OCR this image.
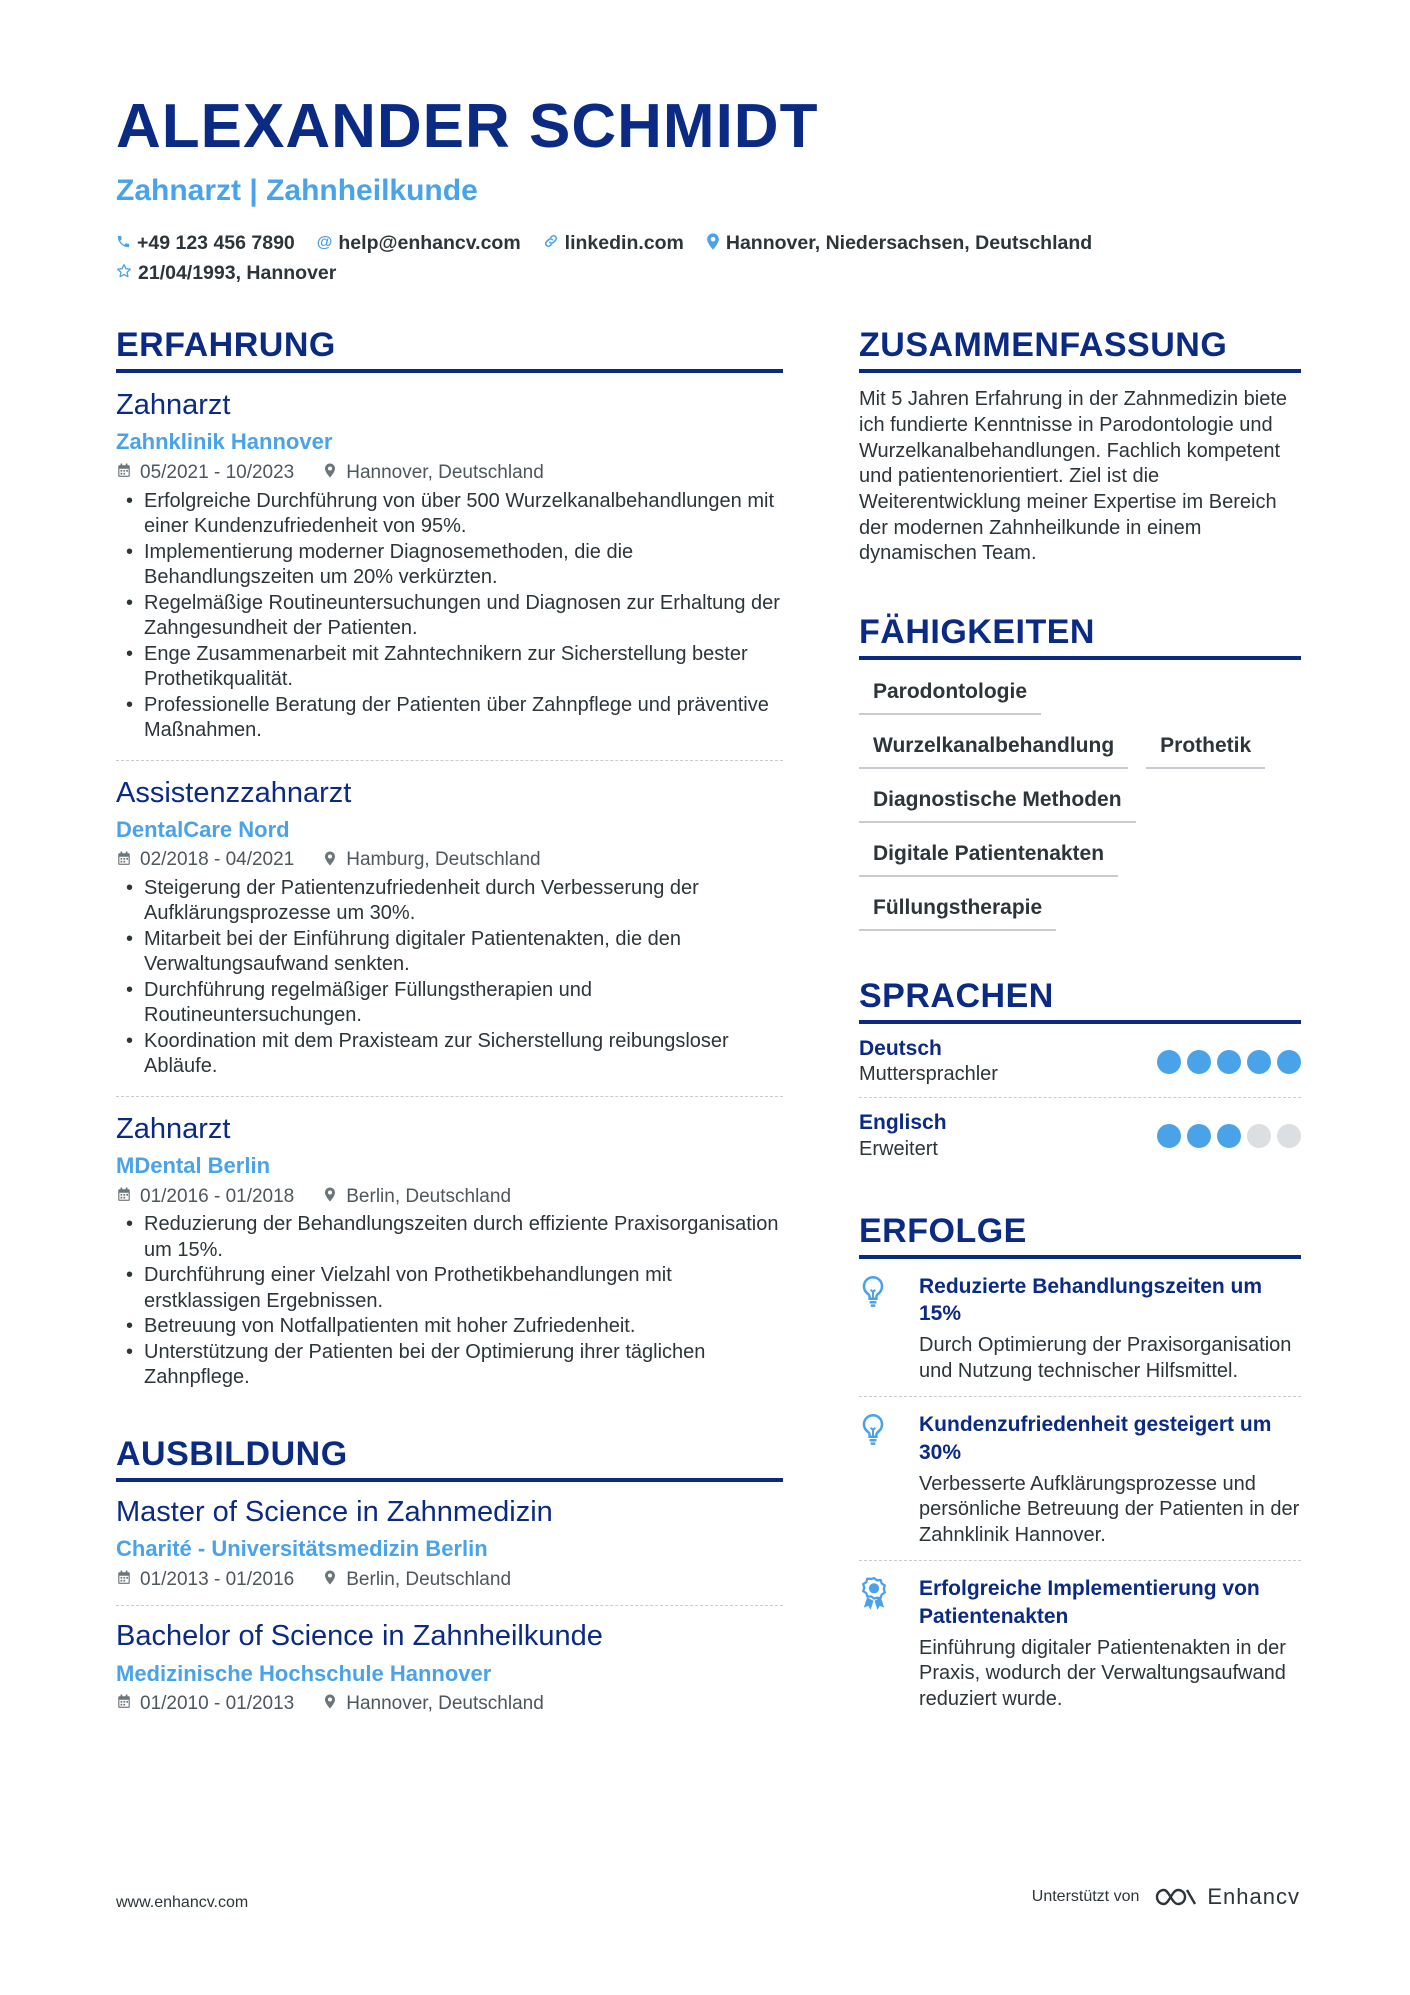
ALEXANDER SCHMIDT
Zahnarzt | Zahnheilkunde
+49 123 456 7890 @ help@enhancv.com linkedin.com Hannover, Niedersachsen, Deutschland
21/04/1993, Hannover
ERFAHRUNG
Zahnarzt
Zahnklinik Hannover
05/2021 - 10/2023	Hannover, Deutschland
• Erfolgreiche Durchführung von über 500 Wurzelkanalbehandlungen mit einer Kundenzufriedenheit von 95%.
• Implementierung moderner Diagnosemethoden, die die Behandlungszeiten um 20% verkürzten.
• Regelmäßige Routineuntersuchungen und Diagnosen zur Erhaltung der Zahngesundheit der Patienten.
• Enge Zusammenarbeit mit Zahntechnikern zur Sicherstellung bester Prothetikqualität.
• Professionelle Beratung der Patienten über Zahnpflege und präventive Maßnahmen.
Assistenzzahnarzt
DentalCare Nord
02/2018 - 04/2021	Hamburg, Deutschland
• Steigerung der Patientenzufriedenheit durch Verbesserung der Aufklärungsprozesse um 30%.
• Mitarbeit bei der Einführung digitaler Patientenakten, die den Verwaltungsaufwand senkten.
• Durchführung regelmäßiger Füllungstherapien und Routineuntersuchungen.
• Koordination mit dem Praxisteam zur Sicherstellung reibungsloser Abläufe.
Zahnarzt
MDental Berlin
01/2016 - 01/2018	Berlin, Deutschland
• Reduzierung der Behandlungszeiten durch effiziente Praxisorganisation um 15%.
• Durchführung einer Vielzahl von Prothetikbehandlungen mit erstklassigen Ergebnissen.
• Betreuung von Notfallpatienten mit hoher Zufriedenheit.
• Unterstützung der Patienten bei der Optimierung ihrer täglichen Zahnpflege.
AUSBILDUNG
Master of Science in Zahnmedizin
Charité - Universitätsmedizin Berlin
01/2013 - 01/2016	Berlin, Deutschland
Bachelor of Science in Zahnheilkunde
Medizinische Hochschule Hannover
01/2010 - 01/2013	Hannover, Deutschland
ZUSAMMENFASSUNG
Mit 5 Jahren Erfahrung in der Zahnmedizin biete ich fundierte Kenntnisse in Parodontologie und Wurzelkanalbehandlungen. Fachlich kompetent und patientenorientiert. Ziel ist die Weiterentwicklung meiner Expertise im Bereich der modernen Zahnheilkunde in einem dynamischen Team.
FÄHIGKEITEN
Parodontologie
Wurzelkanalbehandlung	Prothetik
Diagnostische Methoden
Digitale Patientenakten
Füllungstherapie
SPRACHEN
Deutsch
Muttersprachler
Englisch
Erweitert
ERFOLGE
Reduzierte Behandlungszeiten um 15%
Durch Optimierung der Praxisorganisation und Nutzung technischer Hilfsmittel.
Kundenzufriedenheit gesteigert um 30%
Verbesserte Aufklärungsprozesse und persönliche Betreuung der Patienten in der Zahnklinik Hannover.
Erfolgreiche Implementierung von Patientenakten
Einführung digitaler Patientenakten in der Praxis, wodurch der Verwaltungsaufwand reduziert wurde.
www.enhancv.com	Unterstützt von	Enhancv
